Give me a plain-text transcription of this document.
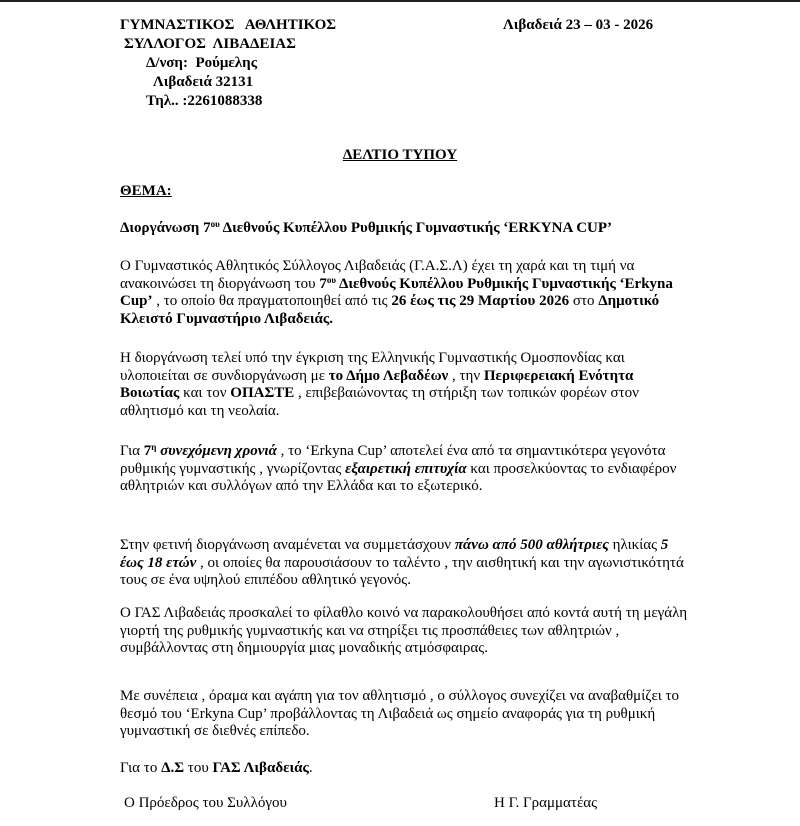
ΓΥΜΝΑΣΤΙΚΟΣ   ΑΘΛΗΤΙΚΟΣ
ΣΥΛΛΟΓΟΣ  ΛΙΒΑΔΕΙΑΣ
Δ/νση:  Ρούμελης
Λιβαδειά 32131
Τηλ.. :2261088338
Λιβαδειά 23 – 03 - 2026
ΔΕΛΤΙΟ ΤΥΠΟΥ
ΘΕΜΑ:
Διοργάνωση $7^{o\upsilon}$ Διεθνούς Κυπέλλου Ρυθμικής Γυμναστικής ‘ERKYNA CUP’
Ο Γυμναστικός Αθλητικός Σύλλογος Λιβαδειάς (Γ.Α.Σ.Λ) έχει τη χαρά και τη τιμή να ανακοινώσει τη διοργάνωση του $7^{o\upsilon}$ Διεθνούς Κυπέλλου Ρυθμικής Γυμναστικής ‘Erkyna Cup’ , το οποίο θα πραγματοποιηθεί από τις 26 έως τις 29 Μαρτίου 2026 στο Δημοτικό Κλειστό Γυμναστήριο Λιβαδειάς.
Η διοργάνωση τελεί υπό την έγκριση της Ελληνικής Γυμναστικής Ομοσπονδίας και υλοποιείται σε συνδιοργάνωση με το Δήμο Λεβαδέων , την Περιφερειακή Ενότητα Βοιωτίας και τον ΟΠΑΣΤΕ , επιβεβαιώνοντας τη στήριξη των τοπικών φορέων στον αθλητισμό και τη νεολαία.
Για $7^\eta$ συνεχόμενη χρονιά , το ‘Erkyna Cup’ αποτελεί ένα από τα σημαντικότερα γεγονότα ρυθμικής γυμναστικής , γνωρίζοντας εξαιρετική επιτυχία και προσελκύοντας το ενδιαφέρον αθλητριών και συλλόγων από την Ελλάδα και το εξωτερικό.
Στην φετινή διοργάνωση αναμένεται να συμμετάσχουν πάνω από 500 αθλήτριες ηλικίας 5 έως 18 ετών , οι οποίες θα παρουσιάσουν το ταλέντο , την αισθητική και την αγωνιστικότητά τους σε ένα υψηλού επιπέδου αθλητικό γεγονός.
Ο ΓΑΣ Λιβαδειάς προσκαλεί το φίλαθλο κοινό να παρακολουθήσει από κοντά αυτή τη μεγάλη γιορτή της ρυθμικής γυμναστικής και να στηρίξει τις προσπάθειες των αθλητριών , συμβάλλοντας στη δημιουργία μιας μοναδικής ατμόσφαιρας.
Με συνέπεια , όραμα και αγάπη για τον αθλητισμό , ο σύλλογος συνεχίζει να αναβαθμίζει το θεσμό του ‘Erkyna Cup’ προβάλλοντας τη Λιβαδειά ως σημείο αναφοράς για τη ρυθμική γυμναστική σε διεθνές επίπεδο.
Για το Δ.Σ του ΓΑΣ Λιβαδειάς.
Ο Πρόεδρος του Συλλόγου	Η Γ. Γραμματέας
